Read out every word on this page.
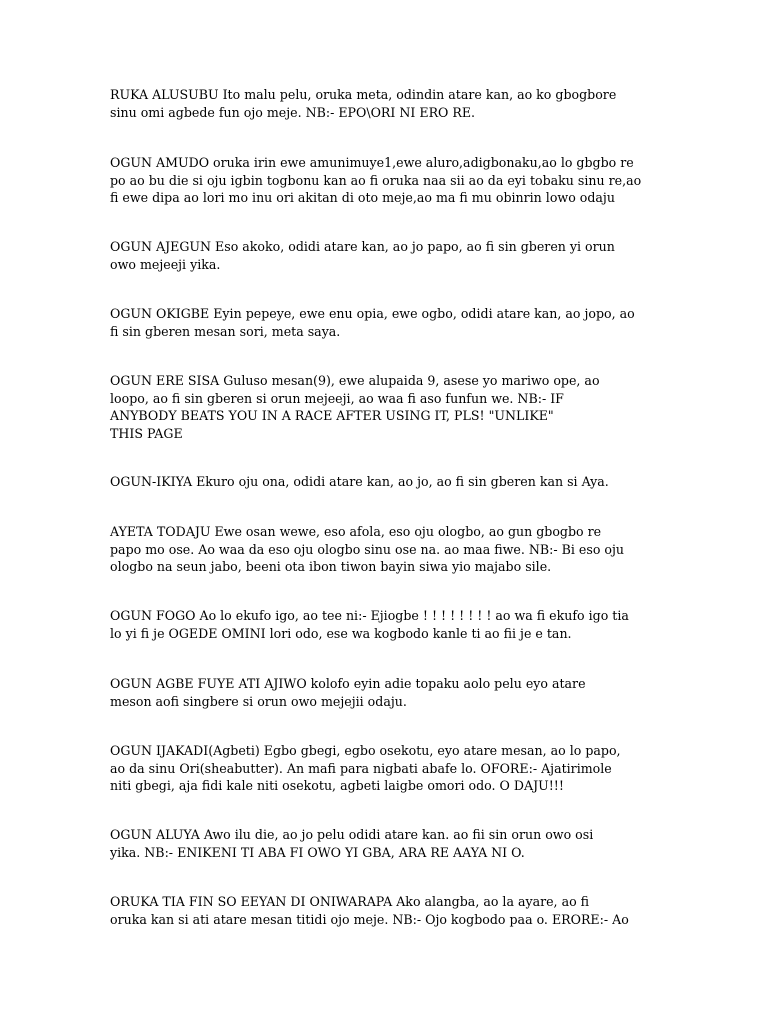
RUKA ALUSUBU Ito malu pelu, oruka meta, odindin atare kan, ao ko gbogbore
sinu omi agbede fun ojo meje. NB:- EPO\ORI NI ERO RE.

OGUN AMUDO oruka irin ewe amunimuye1,ewe aluro,adigbonaku,ao lo gbgbo re
po ao bu die si oju igbin togbonu kan ao fi oruka naa sii ao da eyi tobaku sinu re,ao
fi ewe dipa ao lori mo inu ori akitan di oto meje,ao ma fi mu obinrin lowo odaju

OGUN AJEGUN Eso akoko, odidi atare kan, ao jo papo, ao fi sin gberen yi orun
owo mejeeji yika.

OGUN OKIGBE Eyin pepeye, ewe enu opia, ewe ogbo, odidi atare kan, ao jopo, ao
fi sin gberen mesan sori, meta saya.

OGUN ERE SISA Guluso mesan(9), ewe alupaida 9, asese yo mariwo ope, ao
loopo, ao fi sin gberen si orun mejeeji, ao waa fi aso funfun we. NB:- IF
ANYBODY BEATS YOU IN A RACE AFTER USING IT, PLS! "UNLIKE"
THIS PAGE

OGUN-IKIYA Ekuro oju ona, odidi atare kan, ao jo, ao fi sin gberen kan si Aya.

AYETA TODAJU Ewe osan wewe, eso afola, eso oju ologbo, ao gun gbogbo re
papo mo ose. Ao waa da eso oju ologbo sinu ose na. ao maa fiwe. NB:- Bi eso oju
ologbo na seun jabo, beeni ota ibon tiwon bayin siwa yio majabo sile.

OGUN FOGO Ao lo ekufo igo, ao tee ni:- Ejiogbe ! ! ! ! ! ! ! ! ao wa fi ekufo igo tia
lo yi fi je OGEDE OMINI lori odo, ese wa kogbodo kanle ti ao fii je e tan.

OGUN AGBE FUYE ATI AJIWO kolofo eyin adie topaku aolo pelu eyo atare
meson aofi singbere si orun owo mejejii odaju.

OGUN IJAKADI(Agbeti) Egbo gbegi, egbo osekotu, eyo atare mesan, ao lo papo,
ao da sinu Ori(sheabutter). An mafi para nigbati abafe lo. OFORE:- Ajatirimole
niti gbegi, aja fidi kale niti osekotu, agbeti laigbe omori odo. O DAJU!!!

OGUN ALUYA Awo ilu die, ao jo pelu odidi atare kan. ao fii sin orun owo osi
yika. NB:- ENIKENI TI ABA FI OWO YI GBA, ARA RE AAYA NI O.

ORUKA TIA FIN SO EEYAN DI ONIWARAPA Ako alangba, ao la ayare, ao fi
oruka kan si ati atare mesan titidi ojo meje. NB:- Ojo kogbodo paa o. ERORE:- Ao
